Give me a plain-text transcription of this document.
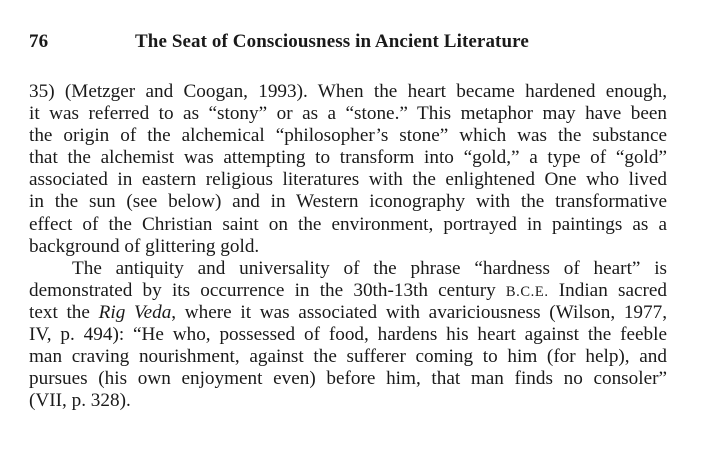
76	The Seat of Consciousness in Ancient Literature
35) (Metzger and Coogan, 1993). When the heart became hardened enough,
it was referred to as “stony” or as a “stone.” This metaphor may have been
the origin of the alchemical “philosopher’s stone” which was the substance
that the alchemist was attempting to transform into “gold,” a type of “gold”
associated in eastern religious literatures with the enlightened One who lived
in the sun (see below) and in Western iconography with the transformative
effect of the Christian saint on the environment, portrayed in paintings as a
background of glittering gold.
The antiquity and universality of the phrase “hardness of heart” is
demonstrated by its occurrence in the 30th-13th century B.C.E. Indian sacred
text the Rig Veda, where it was associated with avariciousness (Wilson, 1977,
IV, p. 494): “He who, possessed of food, hardens his heart against the feeble
man craving nourishment, against the sufferer coming to him (for help), and
pursues (his own enjoyment even) before him, that man finds no consoler”
(VII, p. 328).
